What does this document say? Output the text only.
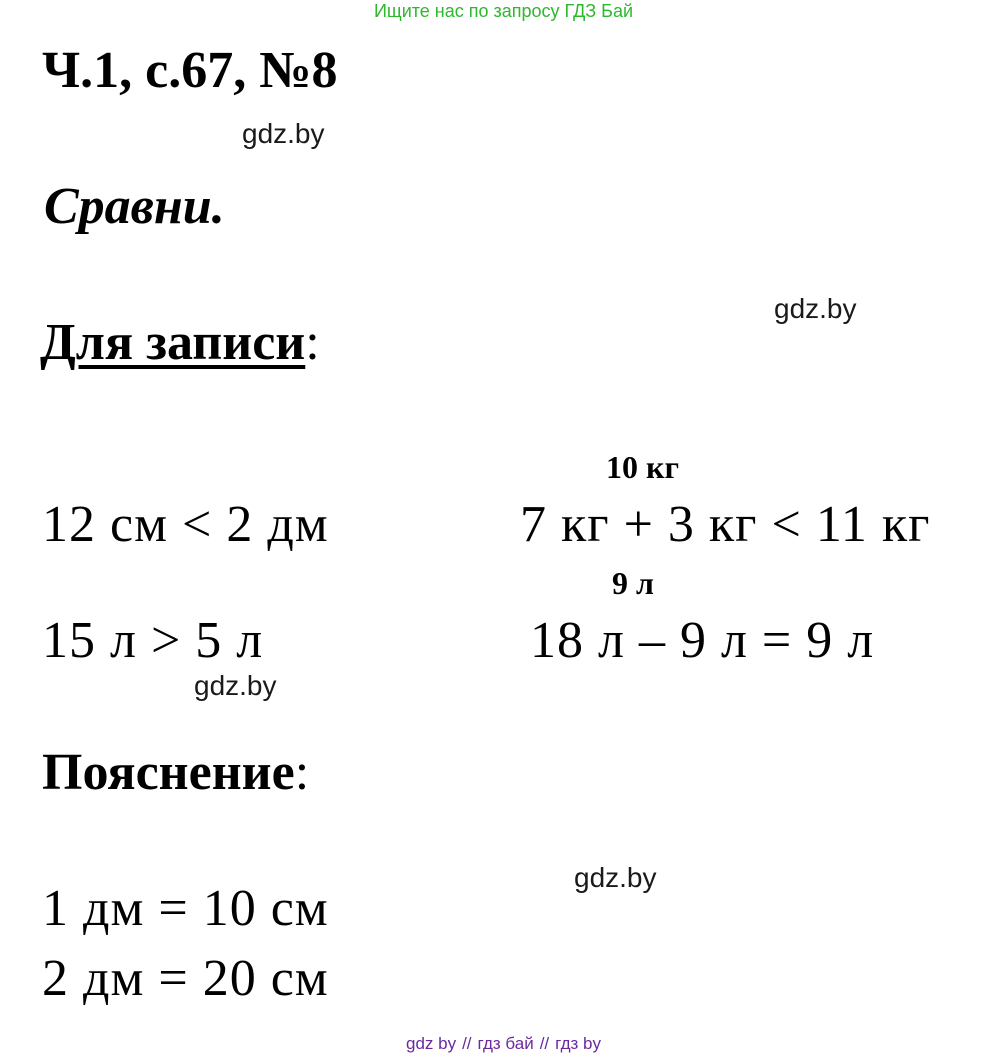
Ищите нас по запросу ГДЗ Бай
Ч.1, с.67, №8
gdz.by
Сравни.
gdz.by
Для записи:
10 кг
12 см < 2 дм	7 кг + 3 кг < 11 кг
9 л
15 л > 5 л	18 л – 9 л = 9 л
gdz.by
Пояснение:
gdz.by
1 дм = 10 см
2 дм = 20 см
gdz by // гдз бай // гдз by
